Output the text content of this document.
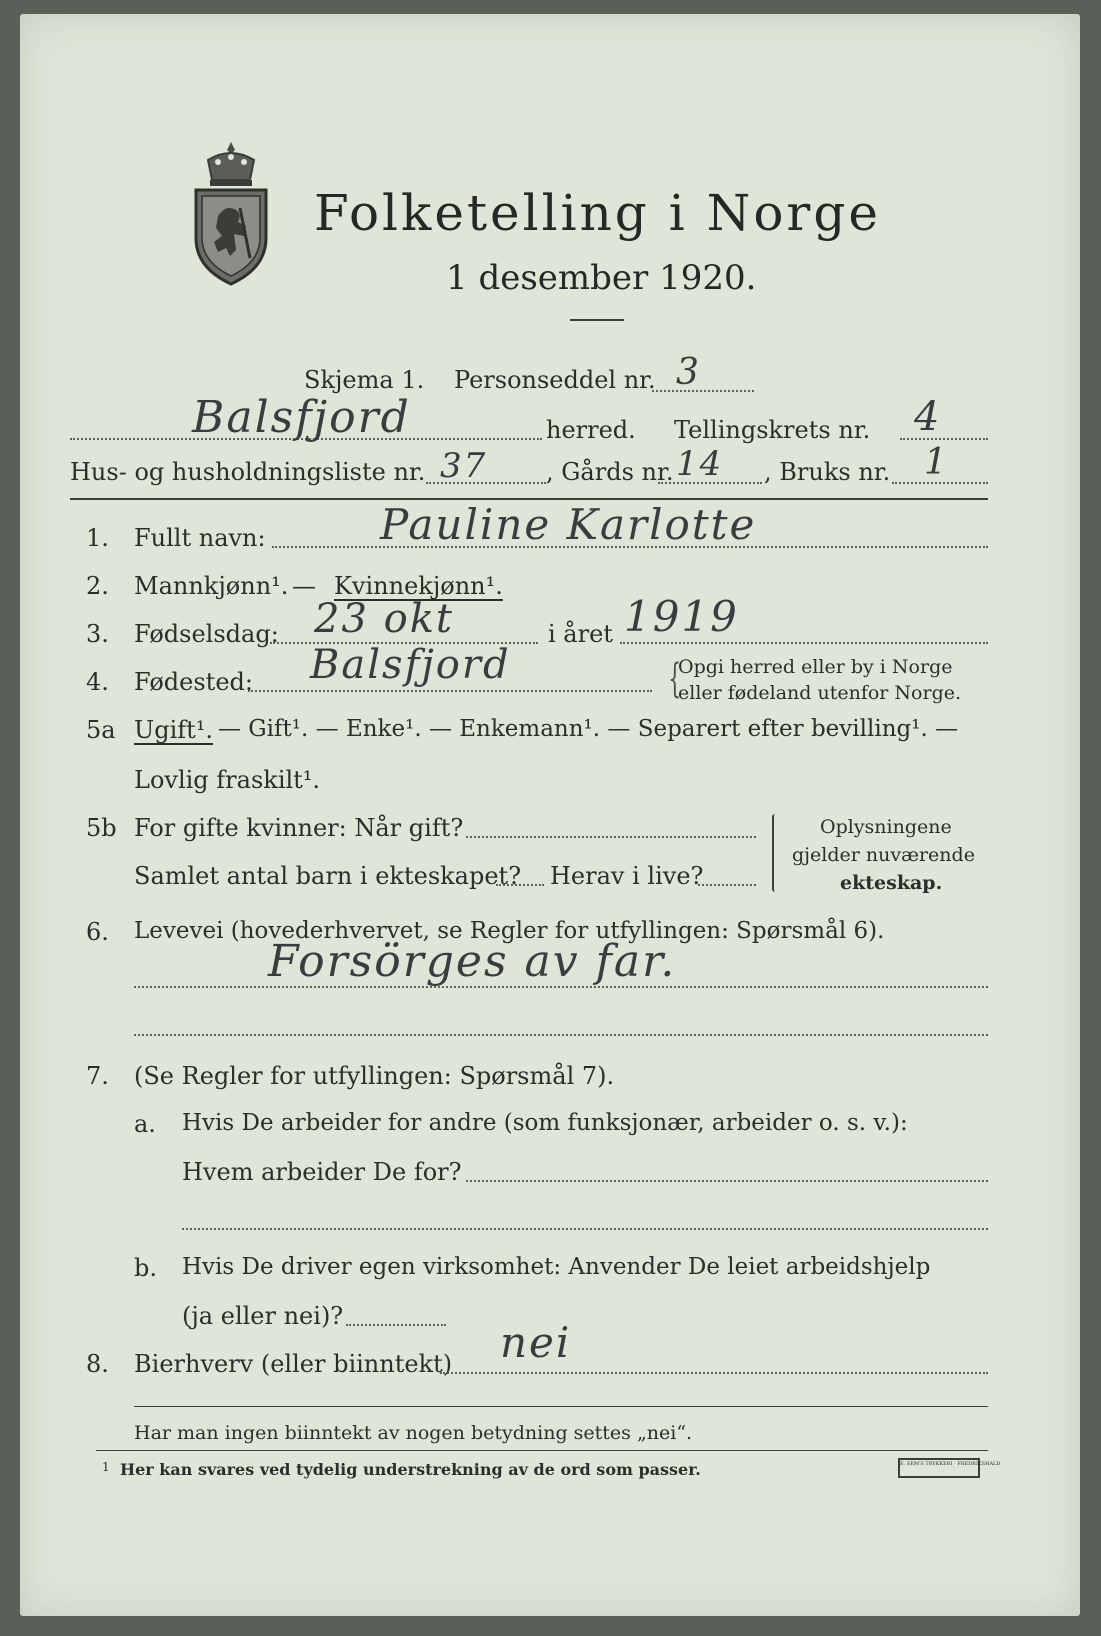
Folketelling i Norge
1 desember 1920.
Skjema 1. Personseddel nr. 3
Balsfjord	herred. Tellingskrets nr. 4
Hus- og husholdningsliste nr. 37 , Gårds nr. 14 , Bruks nr. 1
1. Fullt navn:	Pauline Karlotte
2. Mannkjønn¹. — Kvinnekjønn¹.
3. Fødselsdag: 23 okt	i året 1919
4. Fødested: Balsfjord	{
Opgi herred eller by i Norge
eller fødeland utenfor Norge.
5a Ugift¹. — Gift¹. — Enke¹. — Enkemann¹. — Separert efter bevilling¹. —
Lovlig fraskilt¹.
5b For gifte kvinner: Når gift?
Samlet antal barn i ekteskapet? Herav i live?
Oplysningene
gjelder nuværende
ekteskap.
6. Levevei (hovederhvervet, se Regler for utfyllingen: Spørsmål 6).
Forsörges av far.
7. (Se Regler for utfyllingen: Spørsmål 7).
a. Hvis De arbeider for andre (som funksjonær, arbeider o. s. v.):
Hvem arbeider De for?
b. Hvis De driver egen virksomhet: Anvender De leiet arbeidshjelp
(ja eller nei)?
8. Bierhverv (eller biinntekt) nei
Har man ingen biinntekt av nogen betydning settes „nei“.
1 Her kan svares ved tydelig understrekning av de ord som passer.	E. SEM'S TRYKKERI · FREDRIKSHALD
